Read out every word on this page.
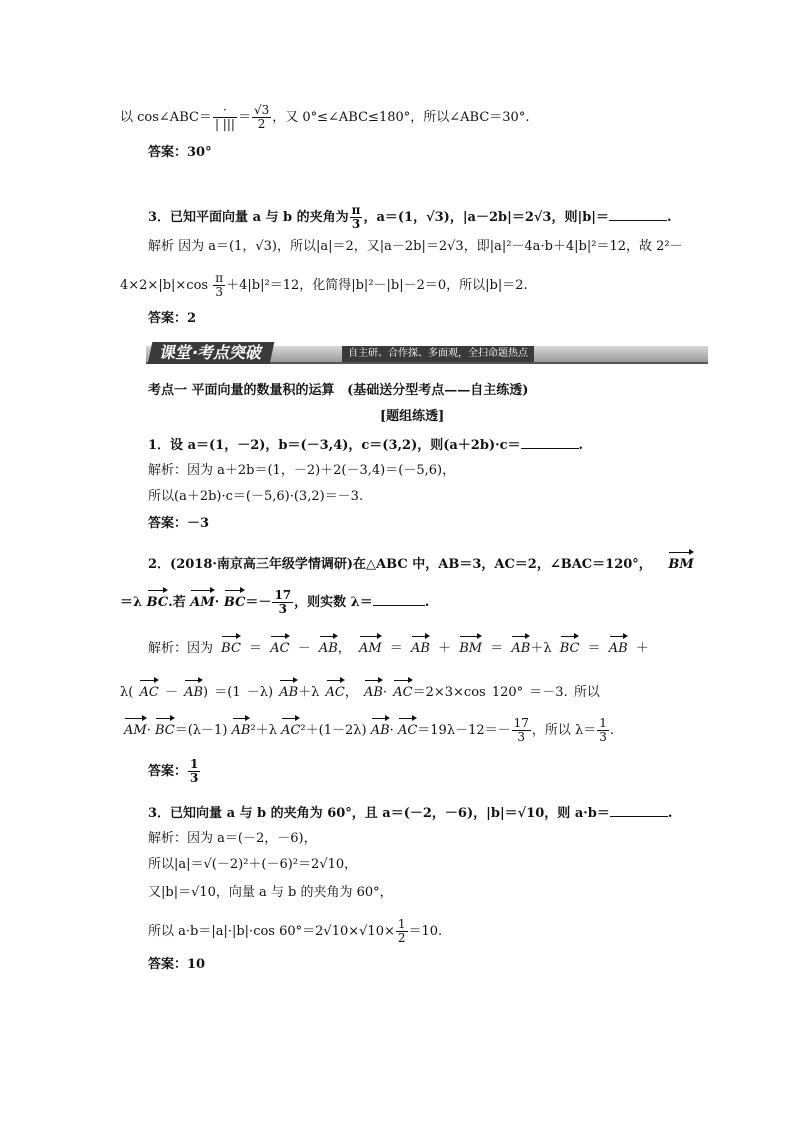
以 cos∠ABC＝ $\frac{\cdot}{| |||} = \frac{√3}{2}$ ，又 0°≤∠ABC≤180°，所以∠ABC＝30°.
答案：30°
3．已知平面向量 a 与 b 的夹角为 $\frac{\pi}{3}$ ，a＝(1，√3)，|a－2b|＝2√3，则|b|＝	.
解析 因为 a＝(1，√3)，所以|a|＝2，又|a－2b|＝2√3，即|a|²－4a·b＋4|b|²＝12，故 2²－
$4\times 2\times|b|\times\cos \frac{\pi}{3} +4|b|^2=12$，化简得|b|²－|b|－2＝0，所以|b|＝2.
答案：2
课堂·考点突破	自主研、合作探、多面观，全扫命题热点
考点一 平面向量的数量积的运算 (基础送分型考点——自主练透)
[题组练透]
1．设 a＝(1，－2)，b＝(－3,4)，c＝(3,2)，则(a＋2b)·c＝	.
解析：因为 a＋2b＝(1，－2)＋2(－3,4)＝(－5,6)，
所以(a＋2b)·c＝(－5,6)·(3,2)＝－3.
答案：－3
2．(2018·南京高三年级学情调研)在△ABC 中，AB＝3，AC＝2，∠BAC＝120°， BM
＝λ BC.若 $AM\cdot BC=- \frac{17}{3}$ ，则实数 λ＝	.
解析：因为 BC ＝ AC － AB， AM ＝ AB ＋ BM ＝ AB＋λ BC ＝ AB ＋
λ( AC － AB) ＝(1 －λ) AB＋λ AC， AB· AC＝2×3×cos 120° ＝－3. 所以
AM· BC＝(λ－1) AB²＋λ AC²＋(1－2λ) $AB\cdot AC=19\lambda-12=- \frac{17}{3}$ ，所以 $\lambda= \frac{1}{3}$ .
答案： $\frac{1}{3}$
3．已知向量 a 与 b 的夹角为 60°，且 a＝(－2，－6)，|b|＝√10，则 a·b＝	.
解析：因为 a＝(－2，－6)，
所以|a|＝√(－2)²＋(－6)²＝2√10，
又|b|＝√10，向量 a 与 b 的夹角为 60°，
所以 a·b＝|a|·|b|·cos $60^\circ=2√10\times√10\times \frac{1}{2} =10$.
答案：10
